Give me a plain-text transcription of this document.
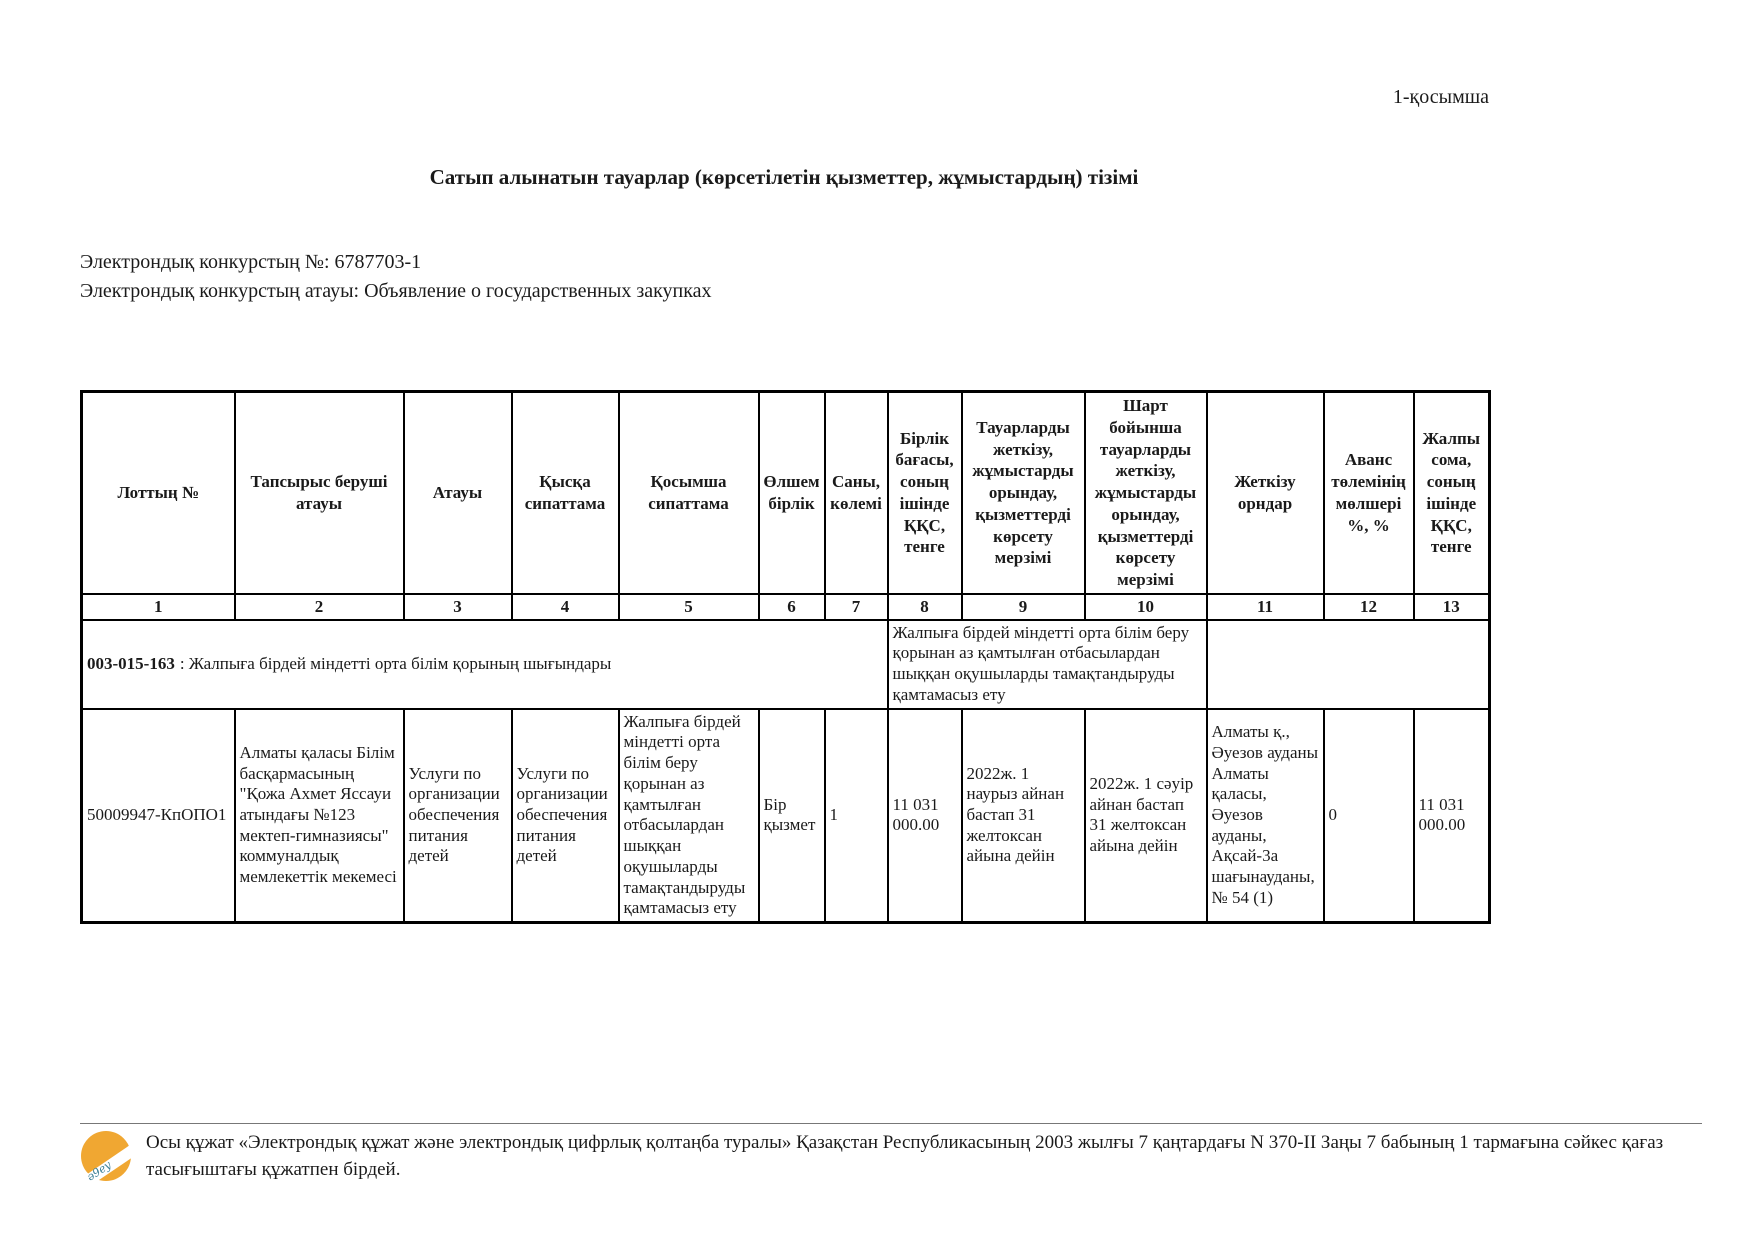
1-қосымша
Сатып алынатын тауарлар (көрсетілетін қызметтер, жұмыстардың) тізімі
Электрондық конкурстың №: 6787703-1
Электрондық конкурстың атауы: Объявление о государственных закупках
Лоттың №	Тапсырыс беруші атауы	Атауы	Қысқа сипаттама	Қосымша сипаттама	Өлшем бірлік	Саны, көлемі	Бірлік бағасы, соның ішінде ҚҚС, тенге	Тауарларды жеткізу, жұмыстарды орындау, қызметтерді көрсету мерзімі	Шарт бойынша тауарларды жеткізу, жұмыстарды орындау, қызметтерді көрсету мерзімі	Жеткізу орндар	Аванс төлемінің мөлшері %, %	Жалпы сома, соның ішінде ҚҚС, тенге
1	2	3	4	5	6	7	8	9	10	11	12	13
003-015-163 : Жалпыға бірдей міндетті орта білім қорының шығындары							Жалпыға бірдей міндетті орта білім беру қорынан аз қамтылған отбасылардан шыққан оқушыларды тамақтандыруды қамтамасыз ету					
50009947-КпОПО1	Алматы қаласы Білім басқармасының "Қожа Ахмет Яссауи атындағы №123 мектеп-гимназиясы" коммуналдық мемлекеттік мекемесі	Услуги по организации обеспечения питания детей	Услуги по организации обеспечения питания детей	Жалпыға бірдей міндетті орта білім беру қорынан аз қамтылған отбасылардан шыққан оқушыларды тамақтандыруды қамтамасыз ету	Бір қызмет	1	11 031 000.00	2022ж. 1 наурыз айнан бастап 31 желтоксан айына дейін	2022ж. 1 сәуір айнан бастап 31 желтоксан айына дейін	Алматы қ., Әуезов ауданы Алматы қаласы, Әуезов ауданы, Ақсай-3а шағынауданы, № 54 (1)	0	11 031 000.00
ә9еу
Осы құжат «Электрондық құжат және электрондық цифрлық қолтаңба туралы» Қазақстан Республикасының 2003 жылғы 7 қаңтардағы N 370-II Заңы 7 бабының 1 тармағына сәйкес қағаз тасығыштағы құжатпен бірдей.
